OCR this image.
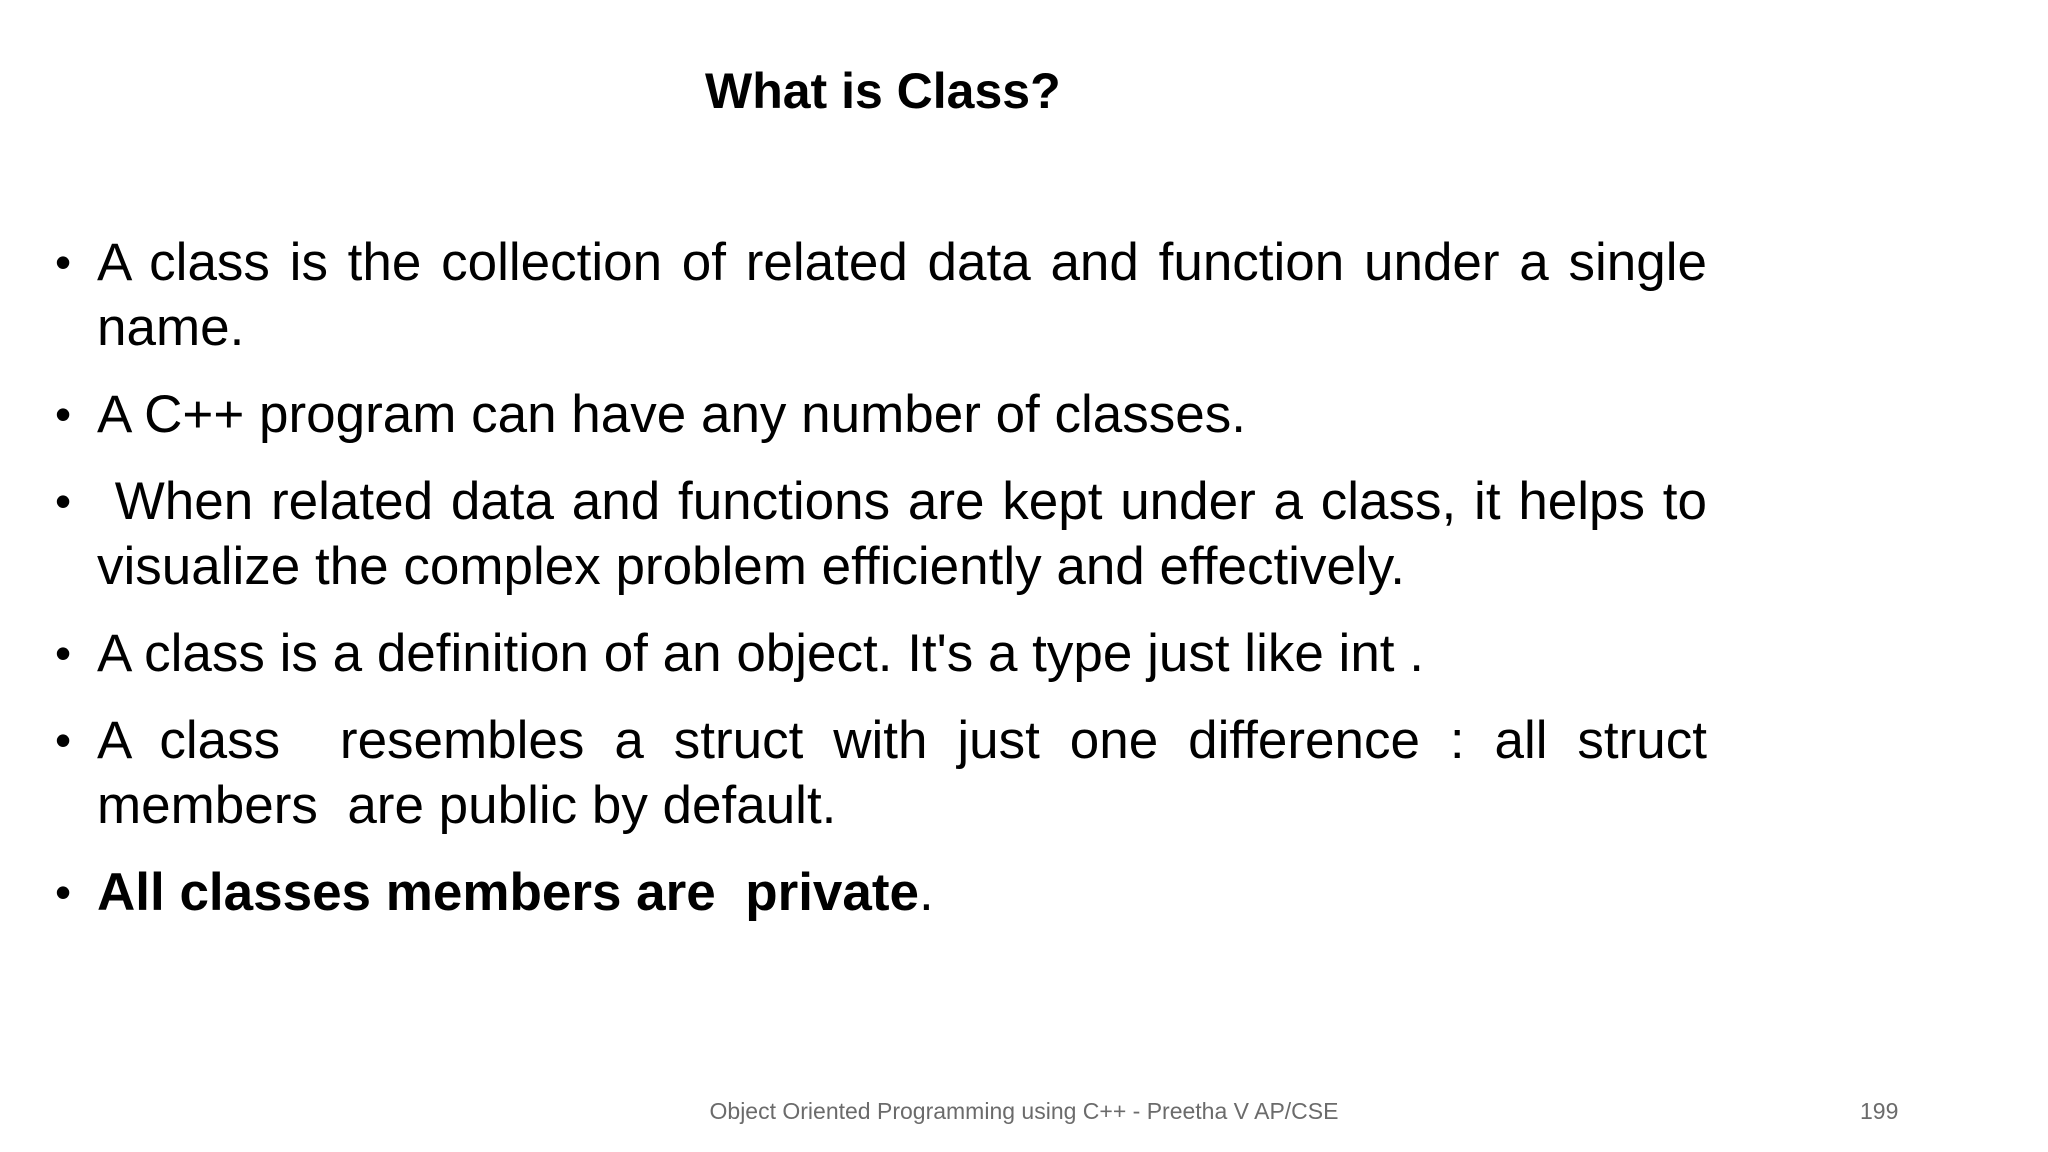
What is Class?
• A class is the collection of related data and function under a single name.
• A C++ program can have any number of classes.
• When related data and functions are kept under a class, it helps to visualize the complex problem efficiently and effectively.
• A class is a definition of an object. It's a type just like int .
• A class  resembles a struct with just one difference : all struct members  are public by default.
• All classes members are  private.
Object Oriented Programming using C++ - Preetha V AP/CSE	199
